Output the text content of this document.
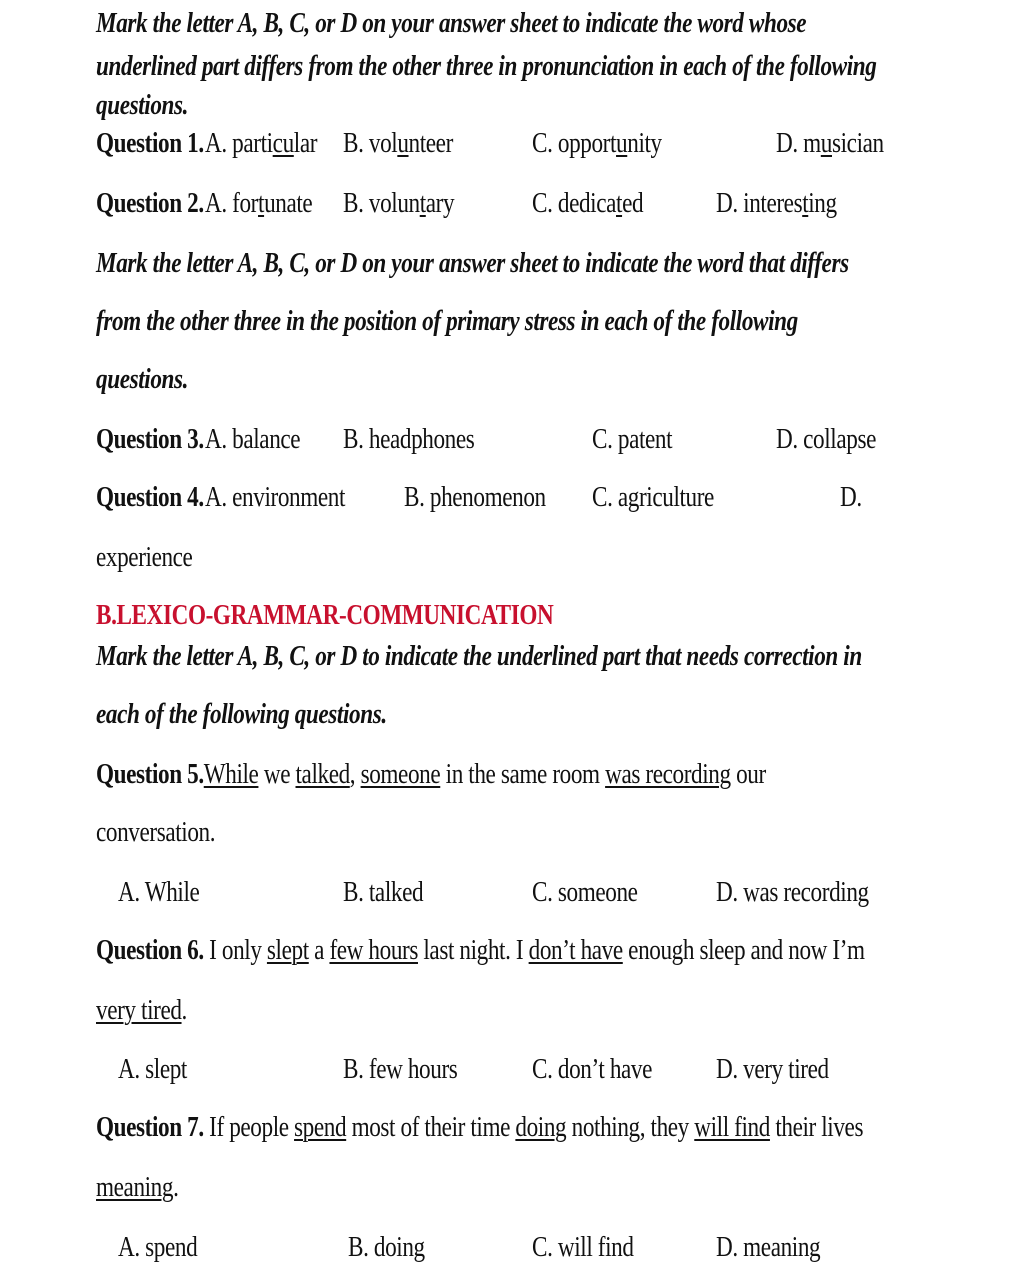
Mark the letter A, B, C, or D on your answer sheet to indicate the word whose
underlined part differs from the other three in pronunciation in each of the following
questions.
Question 1. A. particular B. volunteer	C. opportunity	D. musician
Question 2. A. fortunate B. voluntary	C. dedicated	D. interesting
Mark the letter A, B, C, or D on your answer sheet to indicate the word that differs
from the other three in the position of primary stress in each of the following
questions.
Question 3. A. balance B. headphones	C. patent	D. collapse
Question 4. A. environment B. phenomenon C. agriculture	D.
experience
B.LEXICO-GRAMMAR-COMMUNICATION
Mark the letter A, B, C, or D to indicate the underlined part that needs correction in
each of the following questions.
Question 5.While we talked, someone in the same room was recording our
conversation.
A. While	B. talked	C. someone	D. was recording
Question 6. I only slept a few hours last night. I don’t have enough sleep and now I’m
very tired.
A. slept	B. few hours	C. don’t have D. very tired
Question 7. If people spend most of their time doing nothing, they will find their lives
meaning.
A. spend	B. doing	C. will find	D. meaning
